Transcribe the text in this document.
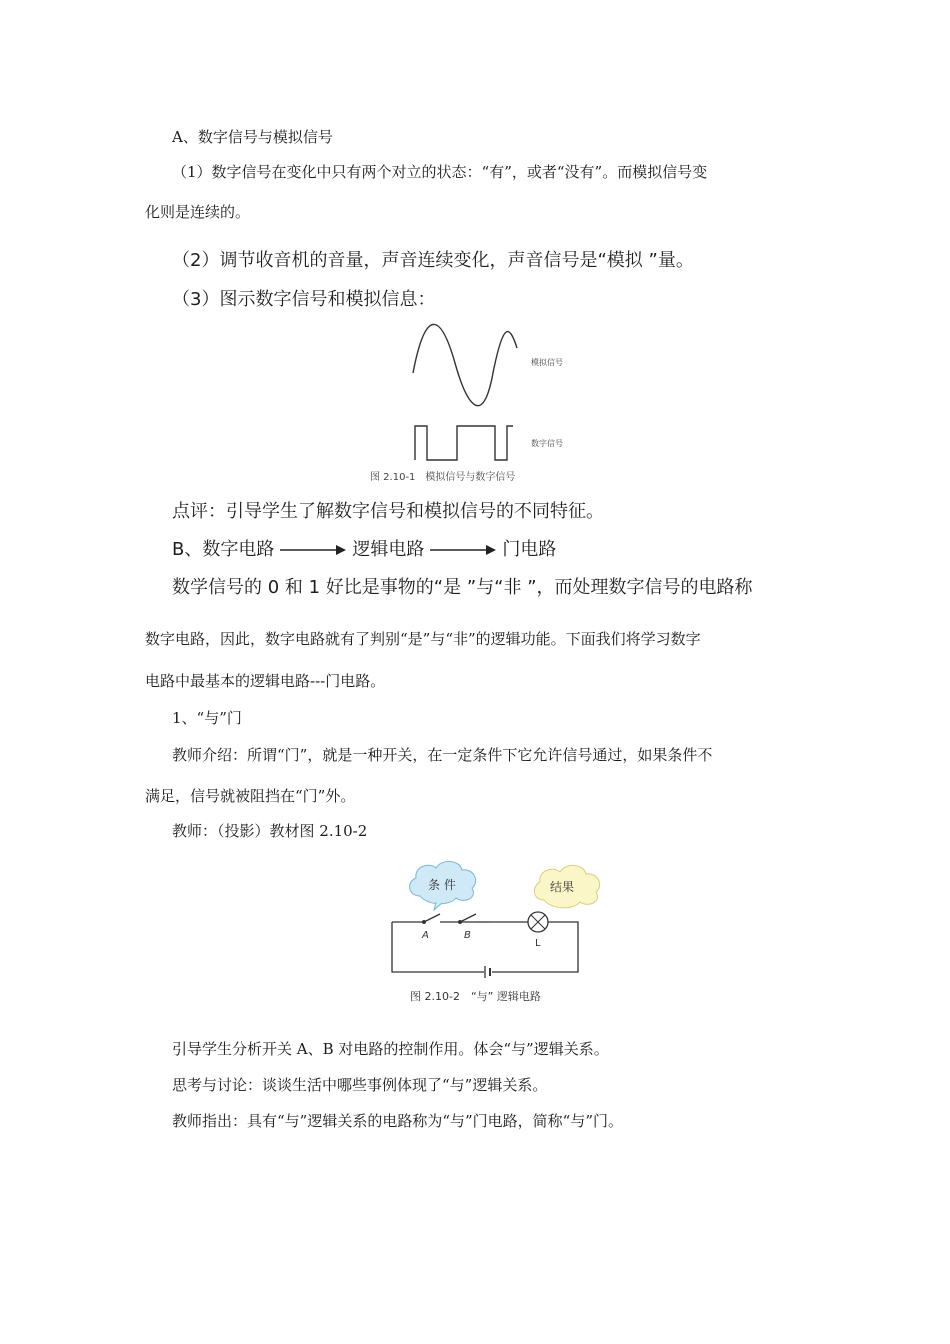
A、数字信号与模拟信号
（1）数字信号在变化中只有两个对立的状态：“有”，或者“没有”。而模拟信号变
化则是连续的。
（2）调节收音机的音量，声音连续变化，声音信号是“模拟 ”量。
（3）图示数字信号和模拟信息：
模拟信号
数字信号
图 2.10-1　模拟信号与数字信号
点评：引导学生了解数字信号和模拟信号的不同特征。
B、数字电路	逻辑电路	门电路
数学信号的 0 和 1 好比是事物的“是 ”与“非 ”，而处理数字信号的电路称
数字电路，因此，数字电路就有了判别“是”与“非”的逻辑功能。下面我们将学习数字
电路中最基本的逻辑电路---门电路。
1、“与”门
教师介绍：所谓“门”，就是一种开关，在一定条件下它允许信号通过，如果条件不
满足，信号就被阻挡在“门”外。
教师：（投影）教材图 2.10-2
条 件	结果
A	B
L
图 2.10-2　“与” 逻辑电路
引导学生分析开关 A、B 对电路的控制作用。体会“与”逻辑关系。
思考与讨论：谈谈生活中哪些事例体现了“与”逻辑关系。
教师指出：具有“与”逻辑关系的电路称为“与”门电路，简称“与”门。
